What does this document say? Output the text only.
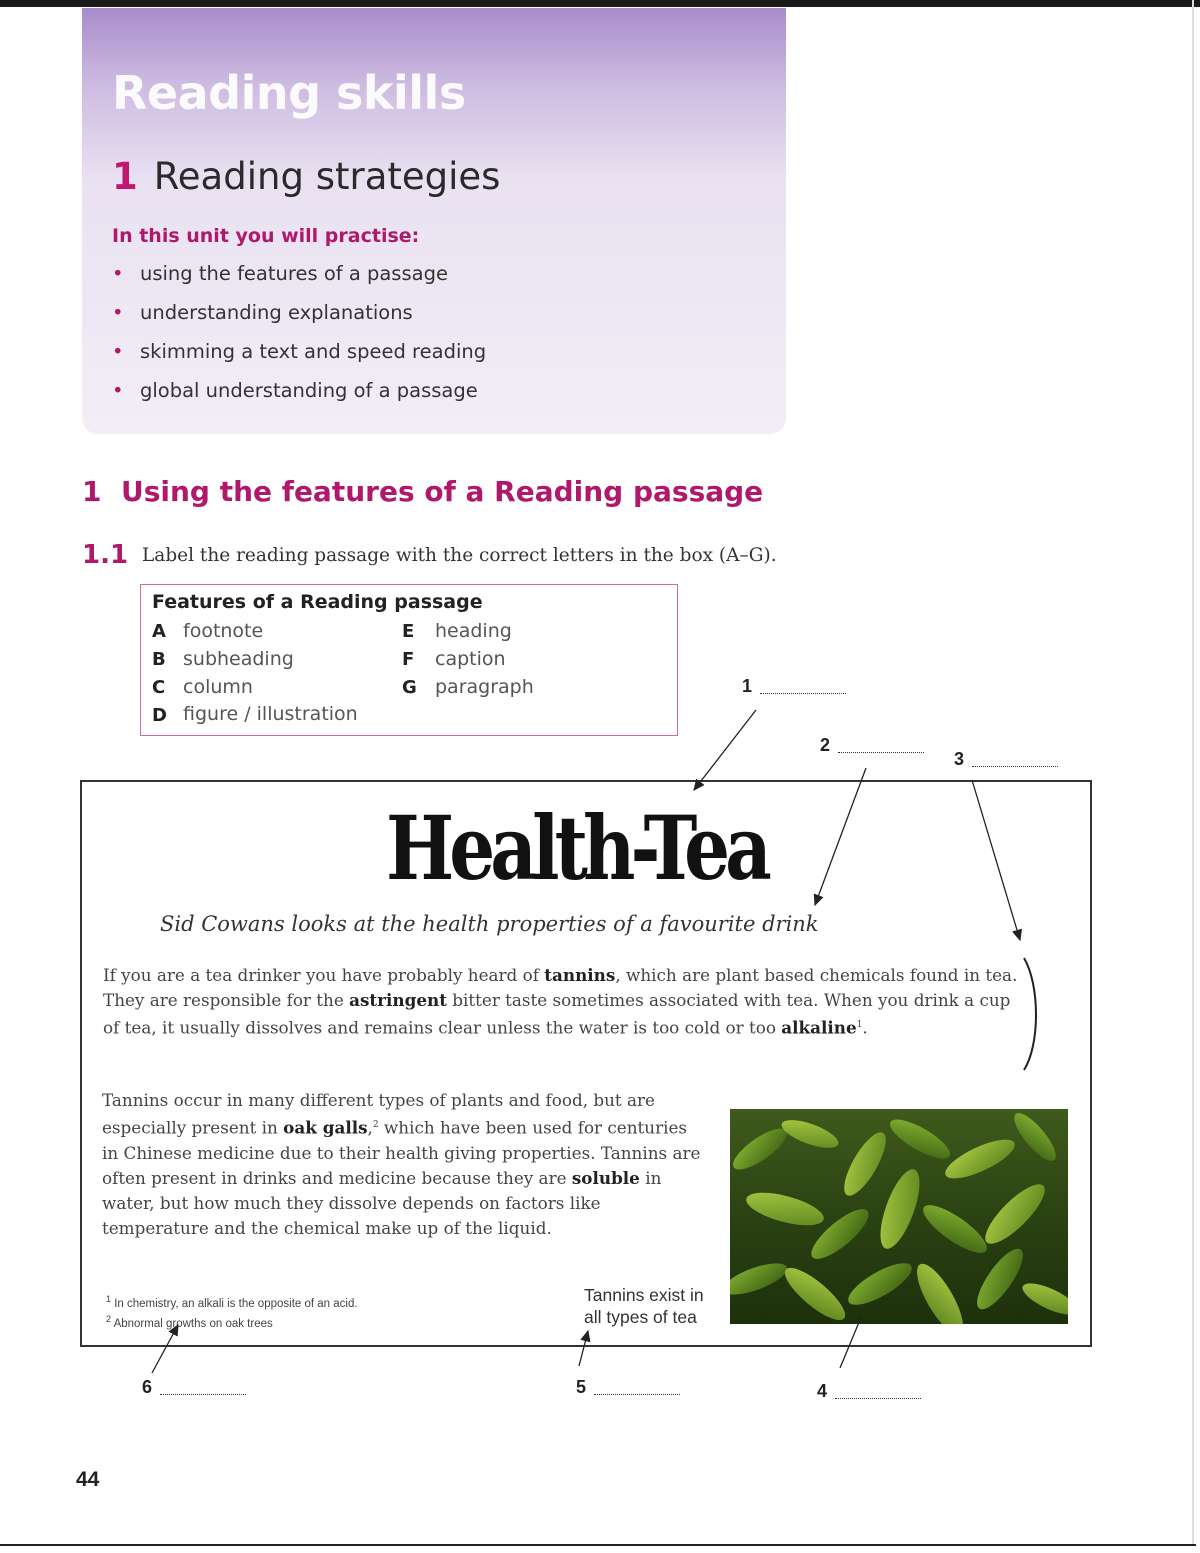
Reading skills
1 Reading strategies
In this unit you will practise:
• using the features of a passage
• understanding explanations
• skimming a text and speed reading
• global understanding of a passage
1  Using the features of a Reading passage
1.1 Label the reading passage with the correct letters in the box (A–G).
Features of a Reading passage
A footnote
B subheading
C column
D figure / illustration
E heading
F caption
G paragraph	1
2
3
4
5
6
Health-Tea
Sid Cowans looks at the health properties of a favourite drink
If you are a tea drinker you have probably heard of tannins, which are plant based chemicals found in tea. They are responsible for the astringent bitter taste sometimes associated with tea. When you drink a cup of tea, it usually dissolves and remains clear unless the water is too cold or too alkaline$^1$.
Tannins occur in many different types of plants and food, but are especially present in oak galls,$^2$ which have been used for centuries in Chinese medicine due to their health giving properties. Tannins are often present in drinks and medicine because they are soluble in water, but how much they dissolve depends on factors like temperature and the chemical make up of the liquid.
$^1$ In chemistry, an alkali is the opposite of an acid.
$^2$ Abnormal growths on oak trees
Tannins exist in
all types of tea
44
